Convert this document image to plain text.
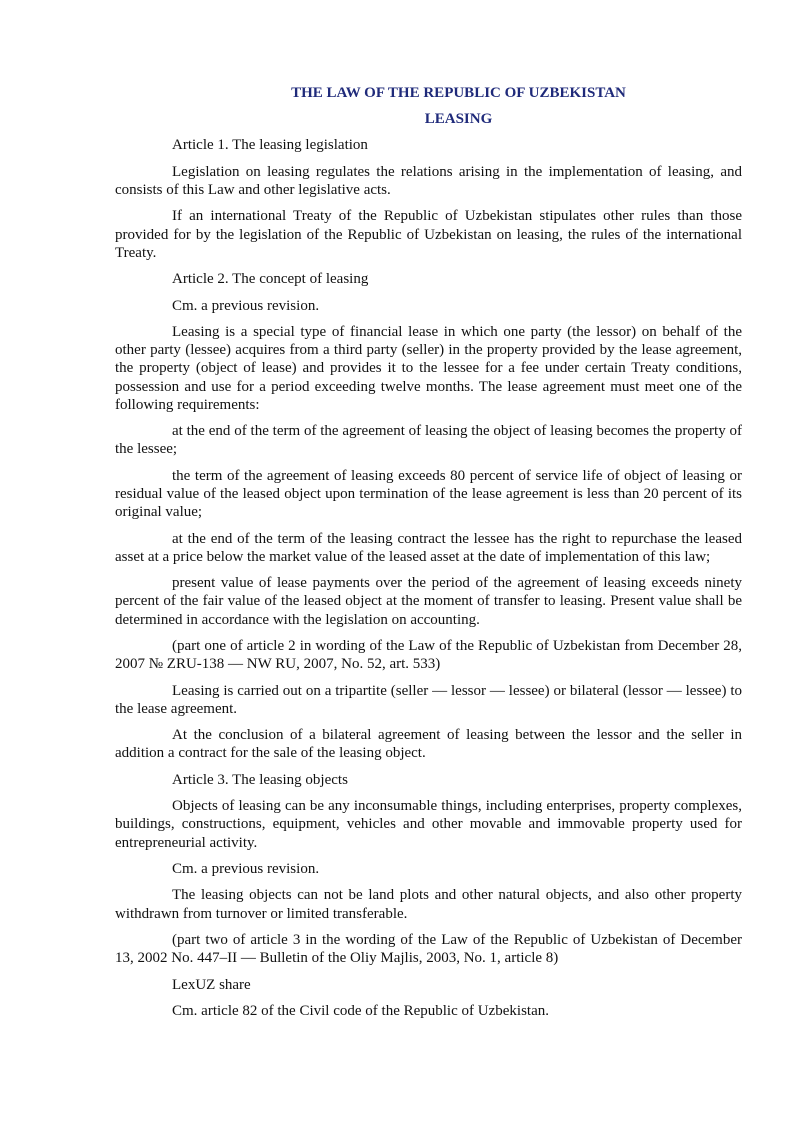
THE LAW OF THE REPUBLIC OF UZBEKISTAN
LEASING

Article 1. The leasing legislation

Legislation on leasing regulates the relations arising in the implementation of leasing, and consists of this Law and other legislative acts.

If an international Treaty of the Republic of Uzbekistan stipulates other rules than those provided for by the legislation of the Republic of Uzbekistan on leasing, the rules of the international Treaty.

Article 2. The concept of leasing

Cm. a previous revision.

Leasing is a special type of financial lease in which one party (the lessor) on behalf of the other party (lessee) acquires from a third party (seller) in the property provided by the lease agreement, the property (object of lease) and provides it to the lessee for a fee under certain Treaty conditions, possession and use for a period exceeding twelve months. The lease agreement must meet one of the following requirements:

at the end of the term of the agreement of leasing the object of leasing becomes the property of the lessee;

the term of the agreement of leasing exceeds 80 percent of service life of object of leasing or residual value of the leased object upon termination of the lease agreement is less than 20 percent of its original value;

at the end of the term of the leasing contract the lessee has the right to repurchase the leased asset at a price below the market value of the leased asset at the date of implementation of this law;

present value of lease payments over the period of the agreement of leasing exceeds ninety percent of the fair value of the leased object at the moment of transfer to leasing. Present value shall be determined in accordance with the legislation on accounting.

(part one of article 2 in wording of the Law of the Republic of Uzbekistan from December 28, 2007 № ZRU-138 — NW RU, 2007, No. 52, art. 533)

Leasing is carried out on a tripartite (seller — lessor — lessee) or bilateral (lessor — lessee) to the lease agreement.

At the conclusion of a bilateral agreement of leasing between the lessor and the seller in addition a contract for the sale of the leasing object.

Article 3. The leasing objects

Objects of leasing can be any inconsumable things, including enterprises, property complexes, buildings, constructions, equipment, vehicles and other movable and immovable property used for entrepreneurial activity.

Cm. a previous revision.

The leasing objects can not be land plots and other natural objects, and also other property withdrawn from turnover or limited transferable.

(part two of article 3 in the wording of the Law of the Republic of Uzbekistan of December 13, 2002 No. 447–II — Bulletin of the Oliy Majlis, 2003, No. 1, article 8)

LexUZ share

Cm. article 82 of the Civil code of the Republic of Uzbekistan.
